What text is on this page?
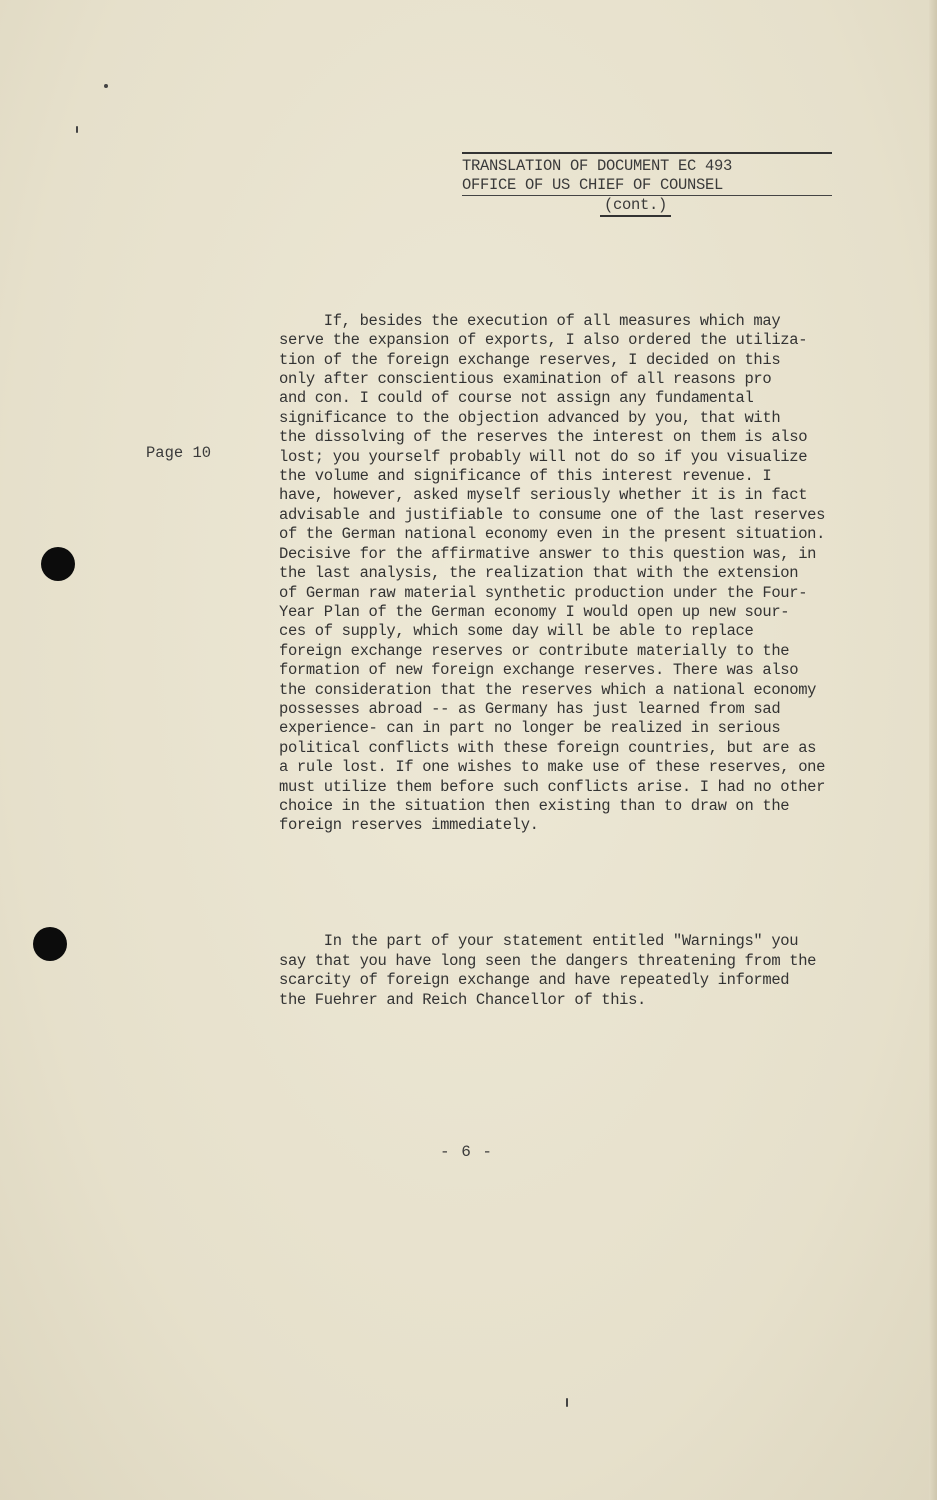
TRANSLATION OF DOCUMENT EC 493
OFFICE OF US CHIEF OF COUNSEL
(cont.)
Page 10

If, besides the execution of all measures which may
serve the expansion of exports, I also ordered the utiliza-
tion of the foreign exchange reserves, I decided on this
only after conscientious examination of all reasons pro
and con. I could of course not assign any fundamental
significance to the objection advanced by you, that with
the dissolving of the reserves the interest on them is also
lost; you yourself probably will not do so if you visualize
the volume and significance of this interest revenue. I
have, however, asked myself seriously whether it is in fact
advisable and justifiable to consume one of the last reserves
of the German national economy even in the present situation.
Decisive for the affirmative answer to this question was, in
the last analysis, the realization that with the extension
of German raw material synthetic production under the Four-
Year Plan of the German economy I would open up new sour-
ces of supply, which some day will be able to replace
foreign exchange reserves or contribute materially to the
formation of new foreign exchange reserves. There was also
the consideration that the reserves which a national economy
possesses abroad -- as Germany has just learned from sad
experience- can in part no longer be realized in serious
political conflicts with these foreign countries, but are as
a rule lost. If one wishes to make use of these reserves, one
must utilize them before such conflicts arise. I had no other
choice in the situation then existing than to draw on the
foreign reserves immediately.

In the part of your statement entitled "Warnings" you
say that you have long seen the dangers threatening from the
scarcity of foreign exchange and have repeatedly informed
the Fuehrer and Reich Chancellor of this.

- 6 -
